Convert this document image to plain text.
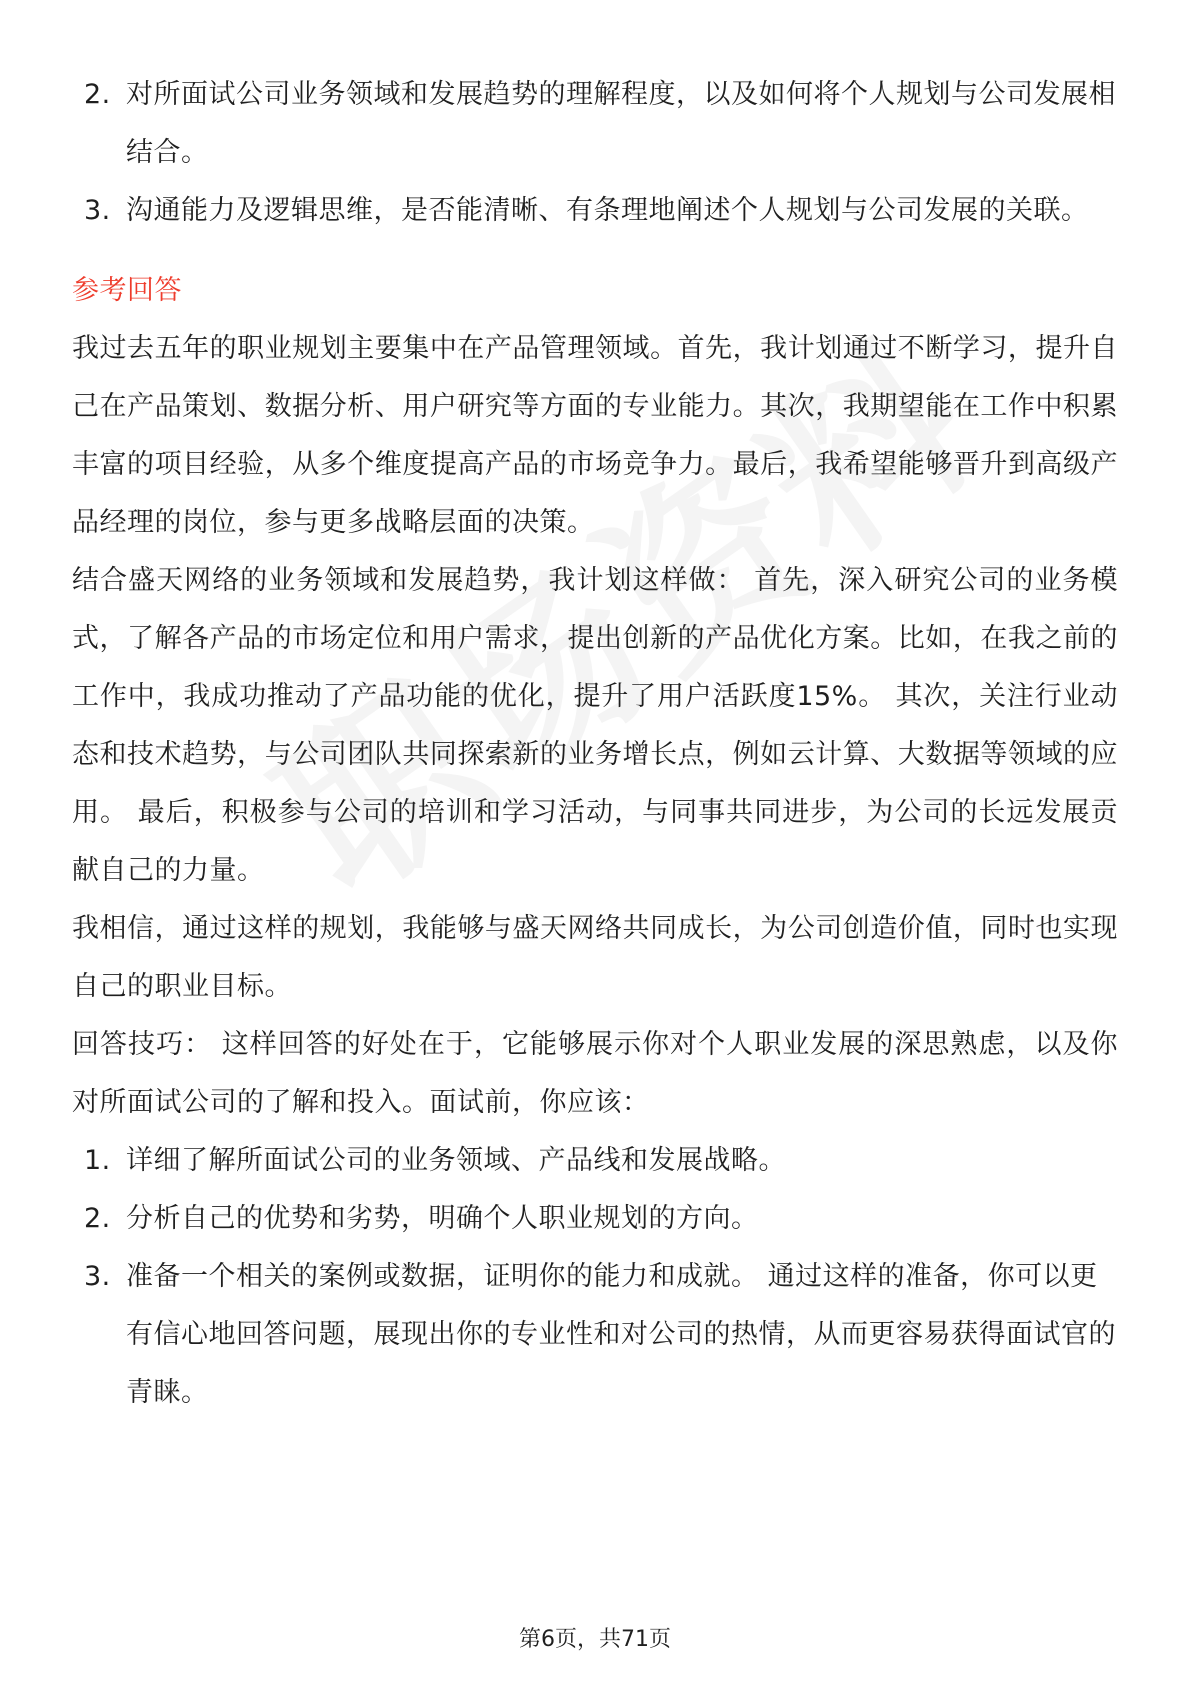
2. 对所面试公司业务领域和发展趋势的理解程度，以及如何将个人规划与公司发展相结合。
3. 沟通能力及逻辑思维，是否能清晰、有条理地阐述个人规划与公司发展的关联。
参考回答

我过去五年的职业规划主要集中在产品管理领域。首先，我计划通过不断学习，提升自己在产品策划、数据分析、用户研究等方面的专业能力。其次，我期望能在工作中积累丰富的项目经验，从多个维度提高产品的市场竞争力。最后，我希望能够晋升到高级产品经理的岗位，参与更多战略层面的决策。

结合盛天网络的业务领域和发展趋势，我计划这样做： 首先，深入研究公司的业务模式，了解各产品的市场定位和用户需求，提出创新的产品优化方案。比如，在我之前的工作中，我成功推动了产品功能的优化，提升了用户活跃度15%。 其次，关注行业动态和技术趋势，与公司团队共同探索新的业务增长点，例如云计算、大数据等领域的应用。 最后，积极参与公司的培训和学习活动，与同事共同进步，为公司的长远发展贡献自己的力量。

我相信，通过这样的规划，我能够与盛天网络共同成长，为公司创造价值，同时也实现自己的职业目标。

回答技巧： 这样回答的好处在于，它能够展示你对个人职业发展的深思熟虑，以及你对所面试公司的了解和投入。面试前，你应该：

1. 详细了解所面试公司的业务领域、产品线和发展战略。
2. 分析自己的优势和劣势，明确个人职业规划的方向。
3. 准备一个相关的案例或数据，证明你的能力和成就。 通过这样的准备，你可以更有信心地回答问题，展现出你的专业性和对公司的热情，从而更容易获得面试官的青睐。
第6页，共71页
